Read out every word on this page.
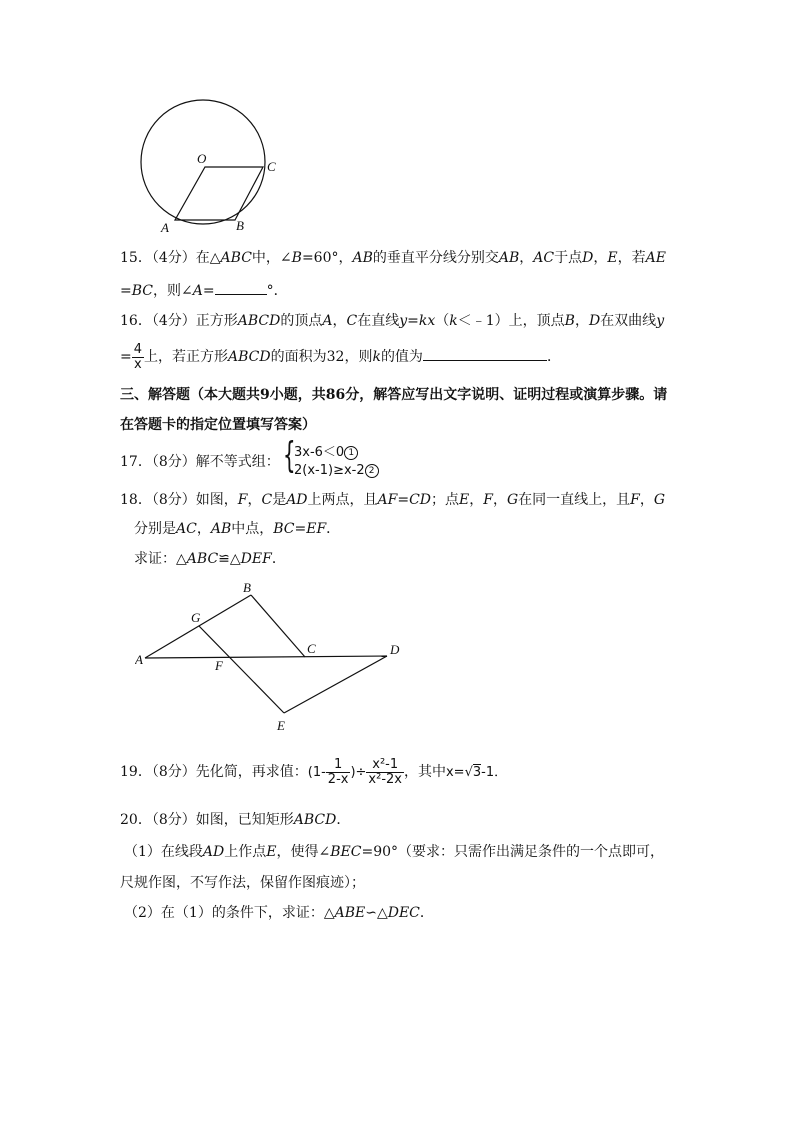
O
C
A	B
15．（4分）在△ABC中，∠B=60°，AB的垂直平分线分别交AB，AC于点D，E，若AE
=BC，则∠A=	°．
16．（4分）正方形ABCD的顶点A，C在直线y=kx（k＜﹣1）上，顶点B，D在双曲线y
= $\frac{4}{x}$ 上，若正方形ABCD的面积为32，则k的值为	．
三、解答题（本大题共9小题，共86分，解答应写出文字说明、证明过程或演算步骤。请
在答题卡的指定位置填写答案）
17．（8分）解不等式组： {
3x-6＜0 1
2(x-1)≥x-2 2
18．（8分）如图，F，C是AD上两点，且AF=CD；点E，F，G在同一直线上，且F，G
分别是AC，AB中点，BC=EF．
求证：△ABC≌△DEF．
B
G
C	D
A	F
E
19．（8分）先化简，再求值：($1- \frac{1}{2-x}$ )÷ $\frac{\text{x²-1}}{\text{x²-2x}}$ ，其中x=√3-1．
20．（8分）如图，已知矩形ABCD．
（1）在线段AD上作点E，使得∠BEC=90°（要求：只需作出满足条件的一个点即可，
尺规作图，不写作法，保留作图痕迹）；
（2）在（1）的条件下，求证：△ABE∽△DEC．
